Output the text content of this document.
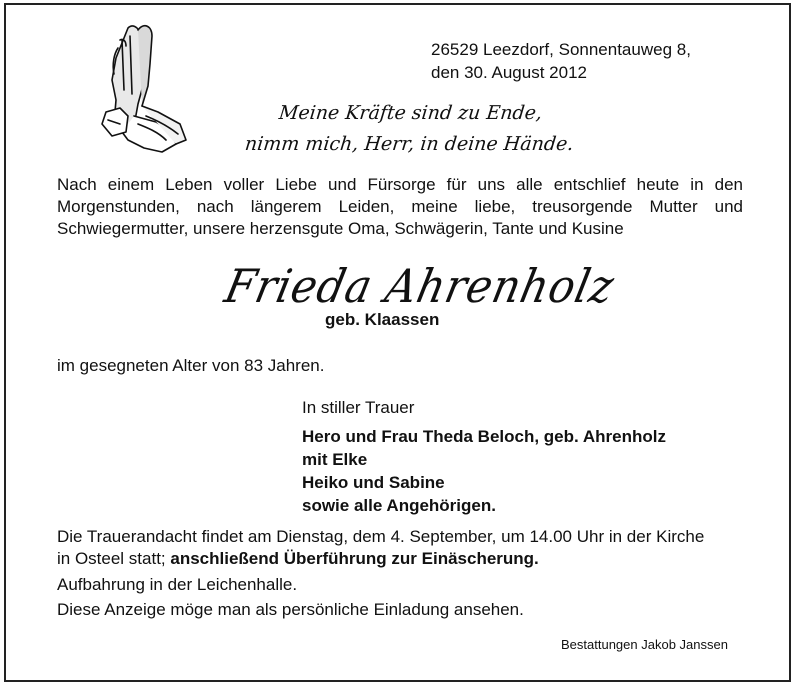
26529 Leezdorf, Sonnentauweg 8,
den 30. August 2012
Meine Kräfte sind zu Ende,
nimm mich, Herr, in deine Hände.
Nach einem Leben voller Liebe und Fürsorge für uns alle entschlief heute in den
Morgenstunden, nach längerem Leiden, meine liebe, treusorgende Mutter und
Schwiegermutter, unsere herzensgute Oma, Schwägerin, Tante und Kusine
Frieda Ahrenholz
geb. Klaassen
im gesegneten Alter von 83 Jahren.
In stiller Trauer
Hero und Frau Theda Beloch, geb. Ahrenholz
mit Elke
Heiko und Sabine
sowie alle Angehörigen.
Die Trauerandacht findet am Dienstag, dem 4. September, um 14.00 Uhr in der Kirche
in Osteel statt; anschließend Überführung zur Einäscherung.
Aufbahrung in der Leichenhalle.
Diese Anzeige möge man als persönliche Einladung ansehen.
Bestattungen Jakob Janssen
